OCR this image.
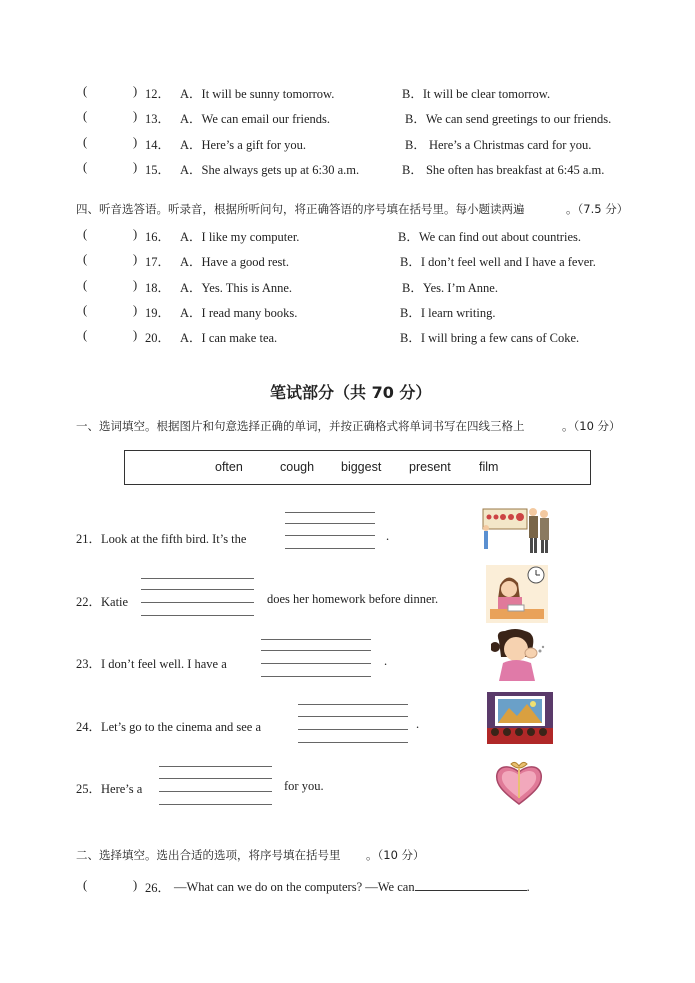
(	) 12． A．It will be sunny tomorrow.	B．It will be clear tomorrow.
(	) 13． A．We can email our friends.	B．We can send greetings to our friends.
(	) 14． A．Here’s a gift for you.	B． Here’s a Christmas card for you.
(	) 15． A．She always gets up at 6:30 a.m.	B． She often has breakfast at 6:45 a.m.
四、听音选答语。听录音，根据所听问句，将正确答语的序号填在括号里。每小题读两遍	。（7.5 分）
(	) 16． A．I like my computer.	B．We can find out about countries.
(	) 17． A．Have a good rest.	B．I don’t feel well and I have a fever.
(	) 18． A．Yes. This is Anne.	B．Yes. I’m Anne.
(	) 19． A．I read many books.	B．I learn writing.
(	) 20． A．I can make tea.	B．I will bring a few cans of Coke.
笔试部分（共 70 分）
一、选词填空。根据图片和句意选择正确的单词，并按正确格式将单词书写在四线三格上	。（10 分）
often	cough biggest present film
21．Look at the fifth bird. It’s the	.
22．Katie	does her homework before dinner.
23．I don’t feel well. I have a	.
24．Let’s go to the cinema and see a	.
25．Here’s a	for you.
二、选择填空。选出合适的选项，将序号填在括号里 。（10 分）
(	) 26． —What can we do on the computers? —We can	.
